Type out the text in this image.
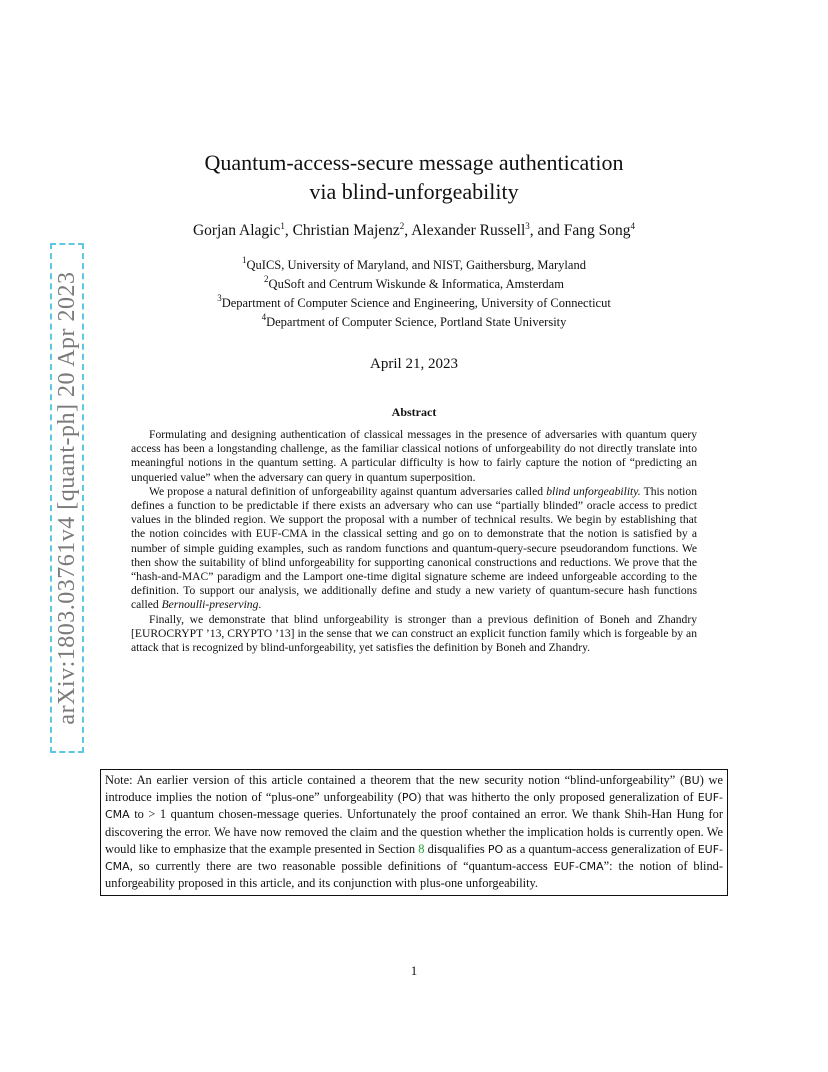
arXiv:1803.03761v4 [quant-ph] 20 Apr 2023
Quantum-access-secure message authentication
via blind-unforgeability
Gorjan Alagic$^1$, Christian Majenz$^2$, Alexander Russell$^3$, and Fang Song$^4$
$^1$QuICS, University of Maryland, and NIST, Gaithersburg, Maryland
$^2$QuSoft and Centrum Wiskunde & Informatica, Amsterdam
$^3$Department of Computer Science and Engineering, University of Connecticut
$^4$Department of Computer Science, Portland State University
April 21, 2023
Abstract

Formulating and designing authentication of classical messages in the presence of adversaries with quantum query access has been a longstanding challenge, as the familiar classical notions of unforgeability do not directly translate into meaningful notions in the quantum setting. A particular difficulty is how to fairly capture the notion of “predicting an unqueried value” when the adversary can query in quantum superposition.

We propose a natural definition of unforgeability against quantum adversaries called blind unforgeability. This notion defines a function to be predictable if there exists an adversary who can use “partially blinded” oracle access to predict values in the blinded region. We support the proposal with a number of technical results. We begin by establishing that the notion coincides with EUF-CMA in the classical setting and go on to demonstrate that the notion is satisfied by a number of simple guiding examples, such as random functions and quantum-query-secure pseudorandom functions. We then show the suitability of blind unforgeability for supporting canonical constructions and reductions. We prove that the “hash-and-MAC” paradigm and the Lamport one-time digital signature scheme are indeed unforgeable according to the definition. To support our analysis, we additionally define and study a new variety of quantum-secure hash functions called Bernoulli-preserving.

Finally, we demonstrate that blind unforgeability is stronger than a previous definition of Boneh and Zhandry [EUROCRYPT ’13, CRYPTO ’13] in the sense that we can construct an explicit function family which is forgeable by an attack that is recognized by blind-unforgeability, yet satisfies the definition by Boneh and Zhandry.

Note: An earlier version of this article contained a theorem that the new security notion “blind-unforgeability” (BU) we introduce implies the notion of “plus-one” unforgeability (PO) that was hitherto the only proposed generalization of EUF-CMA to > 1 quantum chosen-message queries. Unfortunately the proof contained an error. We thank Shih-Han Hung for discovering the error. We have now removed the claim and the question whether the implication holds is currently open. We would like to emphasize that the example presented in Section 8 disqualifies PO as a quantum-access generalization of EUF-CMA, so currently there are two reasonable possible definitions of “quantum-access EUF-CMA”: the notion of blind-unforgeability proposed in this article, and its conjunction with plus-one unforgeability.
1
